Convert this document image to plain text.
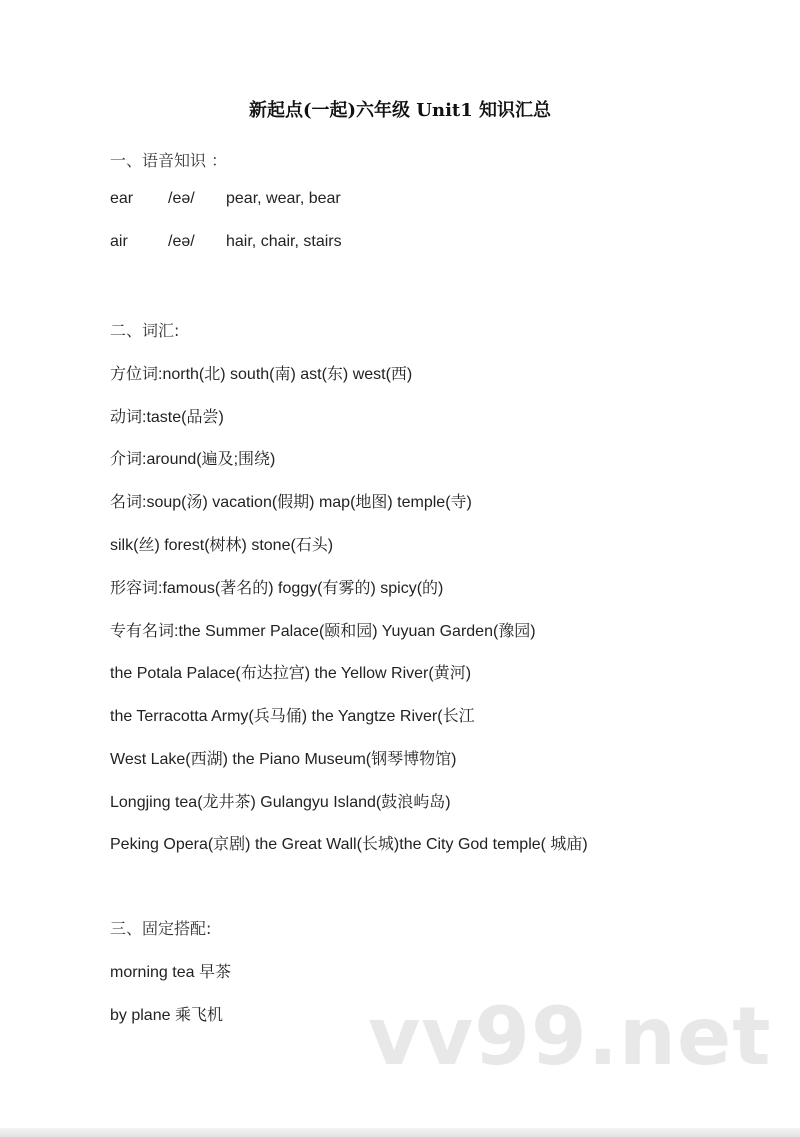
新起点(一起)六年级 Unit1 知识汇总
一、语音知识 ：
ear /eə/ pear, wear, bear
air	/eə/ hair, chair, stairs
二、词汇:
方位词:north(北) south(南) ast(东) west(西)
动词:taste(品尝)
介词:around(遍及;围绕)
名词:soup(汤) vacation(假期) map(地图) temple(寺)
silk(丝) forest(树林) stone(石头)
形容词:famous(著名的) foggy(有雾的) spicy(的)
专有名词:the Summer Palace(颐和园) Yuyuan Garden(豫园)
the Potala Palace(布达拉宫) the Yellow River(黄河)
the Terracotta Army(兵马俑) the Yangtze River(长江
West Lake(西湖) the Piano Museum(钢琴博物馆)
Longjing tea(龙井茶) Gulangyu Island(鼓浪屿岛)
Peking Opera(京剧) the Great Wall(长城)the City God temple( 城庙)
三、固定搭配:
morning tea 早茶
by plane 乘飞机 vv99.net
